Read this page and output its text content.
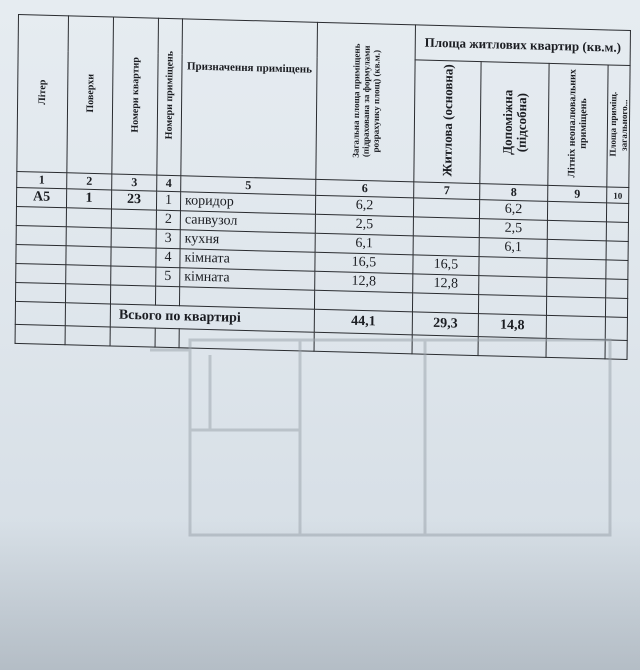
Літер	Поверхи	Номери квартир	Номери приміщень	Призначення приміщень	Загальна площа приміщень (підрахована за формулами розрахунку площ) (кв.м.)	Площа житлових квартир (кв.м.)			
						Житлова (основна)	Допоміжна (підсобна)	Літніх неопалювальних приміщень	Площа примiщ. загального...
1	2	3	4	5	6	7	8	9	10
А5	1	23	1	коридор	6,2		6,2		
			2	санвузол	2,5		2,5		
			3	кухня	6,1		6,1		
			4	кімната	16,5	16,5			
			5	кімната	12,8	12,8			

		Всього по квартирі			44,1	29,3	14,8		
